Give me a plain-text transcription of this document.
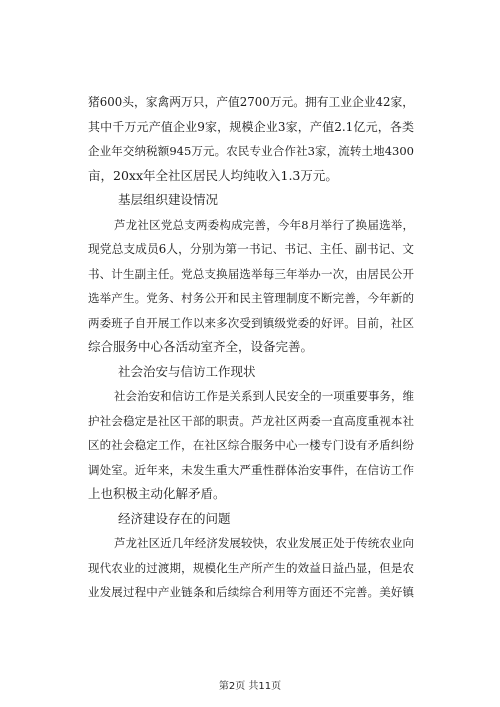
猪600头，家禽两万只，产值2700万元。拥有工业企业42家，

其中千万元产值企业9家，规模企业3家，产值2.1亿元，各类

企业年交纳税额945万元。农民专业合作社3家，流转土地4300

亩，20xx年全社区居民人均纯收入1.3万元。

基层组织建设情况

芦龙社区党总支两委构成完善，今年8月举行了换届选举，

现党总支成员6人，分别为第一书记、书记、主任、副书记、文

书、计生副主任。党总支换届选举每三年举办一次，由居民公开

选举产生。党务、村务公开和民主管理制度不断完善，今年新的

两委班子自开展工作以来多次受到镇级党委的好评。目前，社区

综合服务中心各活动室齐全，设备完善。

社会治安与信访工作现状

社会治安和信访工作是关系到人民安全的一项重要事务，维

护社会稳定是社区干部的职责。芦龙社区两委一直高度重视本社

区的社会稳定工作，在社区综合服务中心一楼专门设有矛盾纠纷

调处室。近年来，未发生重大严重性群体治安事件，在信访工作

上也积极主动化解矛盾。

经济建设存在的问题

芦龙社区近几年经济发展较快，农业发展正处于传统农业向

现代农业的过渡期，规模化生产所产生的效益日益凸显，但是农

业发展过程中产业链条和后续综合利用等方面还不完善。美好镇

第2页 共11页
